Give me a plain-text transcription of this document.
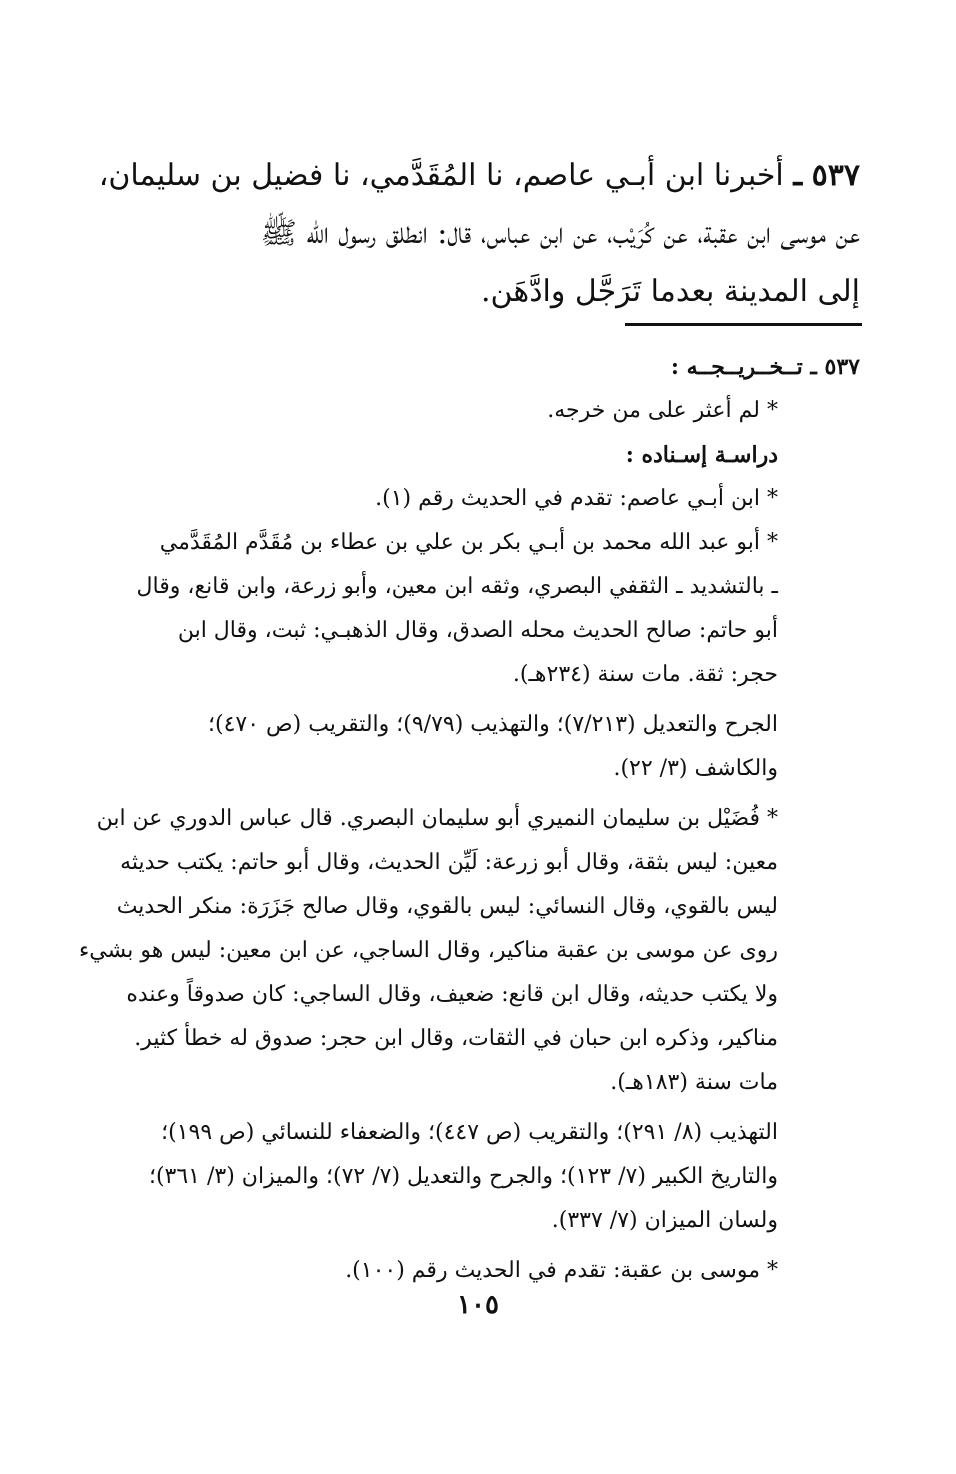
٥٣٧ ـ أخبرنا ابن أبـي عاصم، نا المُقَدَّمي، نا فضيل بن سليمان،
عن موسى ابن عقبة، عن كُرَيْب، عن ابن عباس، قال: انطلق رسول الله ﷺ
إلى المدينة بعدما تَرَجَّل وادَّهَن.
٥٣٧ ـ تــخــريــجــه :
* لم أعثر على من خرجه.
دراسـة إسـناده :
* ابن أبـي عاصم: تقدم في الحديث رقم (١).
* أبو عبد الله محمد بن أبـي بكر بن علي بن عطاء بن مُقَدَّم المُقَدَّمي
ـ بالتشديد ـ الثقفي البصري، وثقه ابن معين، وأبو زرعة، وابن قانع، وقال
أبو حاتم: صالح الحديث محله الصدق، وقال الذهبـي: ثبت، وقال ابن
حجر: ثقة. مات سنة (٢٣٤هـ).
الجرح والتعديل (٧/٢١٣)؛ والتهذيب (٩/٧٩)؛ والتقريب (ص ٤٧٠)؛
والكاشف (٣/ ٢٢).
* فُضَيْل بن سليمان النميري أبو سليمان البصري. قال عباس الدوري عن ابن
معين: ليس بثقة، وقال أبو زرعة: لَيِّن الحديث، وقال أبو حاتم: يكتب حديثه
ليس بالقوي، وقال النسائي: ليس بالقوي، وقال صالح جَزَرَة: منكر الحديث
روى عن موسى بن عقبة مناكير، وقال الساجي، عن ابن معين: ليس هو بشيء
ولا يكتب حديثه، وقال ابن قانع: ضعيف، وقال الساجي: كان صدوقاً وعنده
مناكير، وذكره ابن حبان في الثقات، وقال ابن حجر: صدوق له خطأ كثير.
مات سنة (١٨٣هـ).
التهذيب (٨/ ٢٩١)؛ والتقريب (ص ٤٤٧)؛ والضعفاء للنسائي (ص ١٩٩)؛
والتاريخ الكبير (٧/ ١٢٣)؛ والجرح والتعديل (٧/ ٧٢)؛ والميزان (٣/ ٣٦١)؛
ولسان الميزان (٧/ ٣٣٧).
* موسى بن عقبة: تقدم في الحديث رقم (١٠٠).
١٠٥
